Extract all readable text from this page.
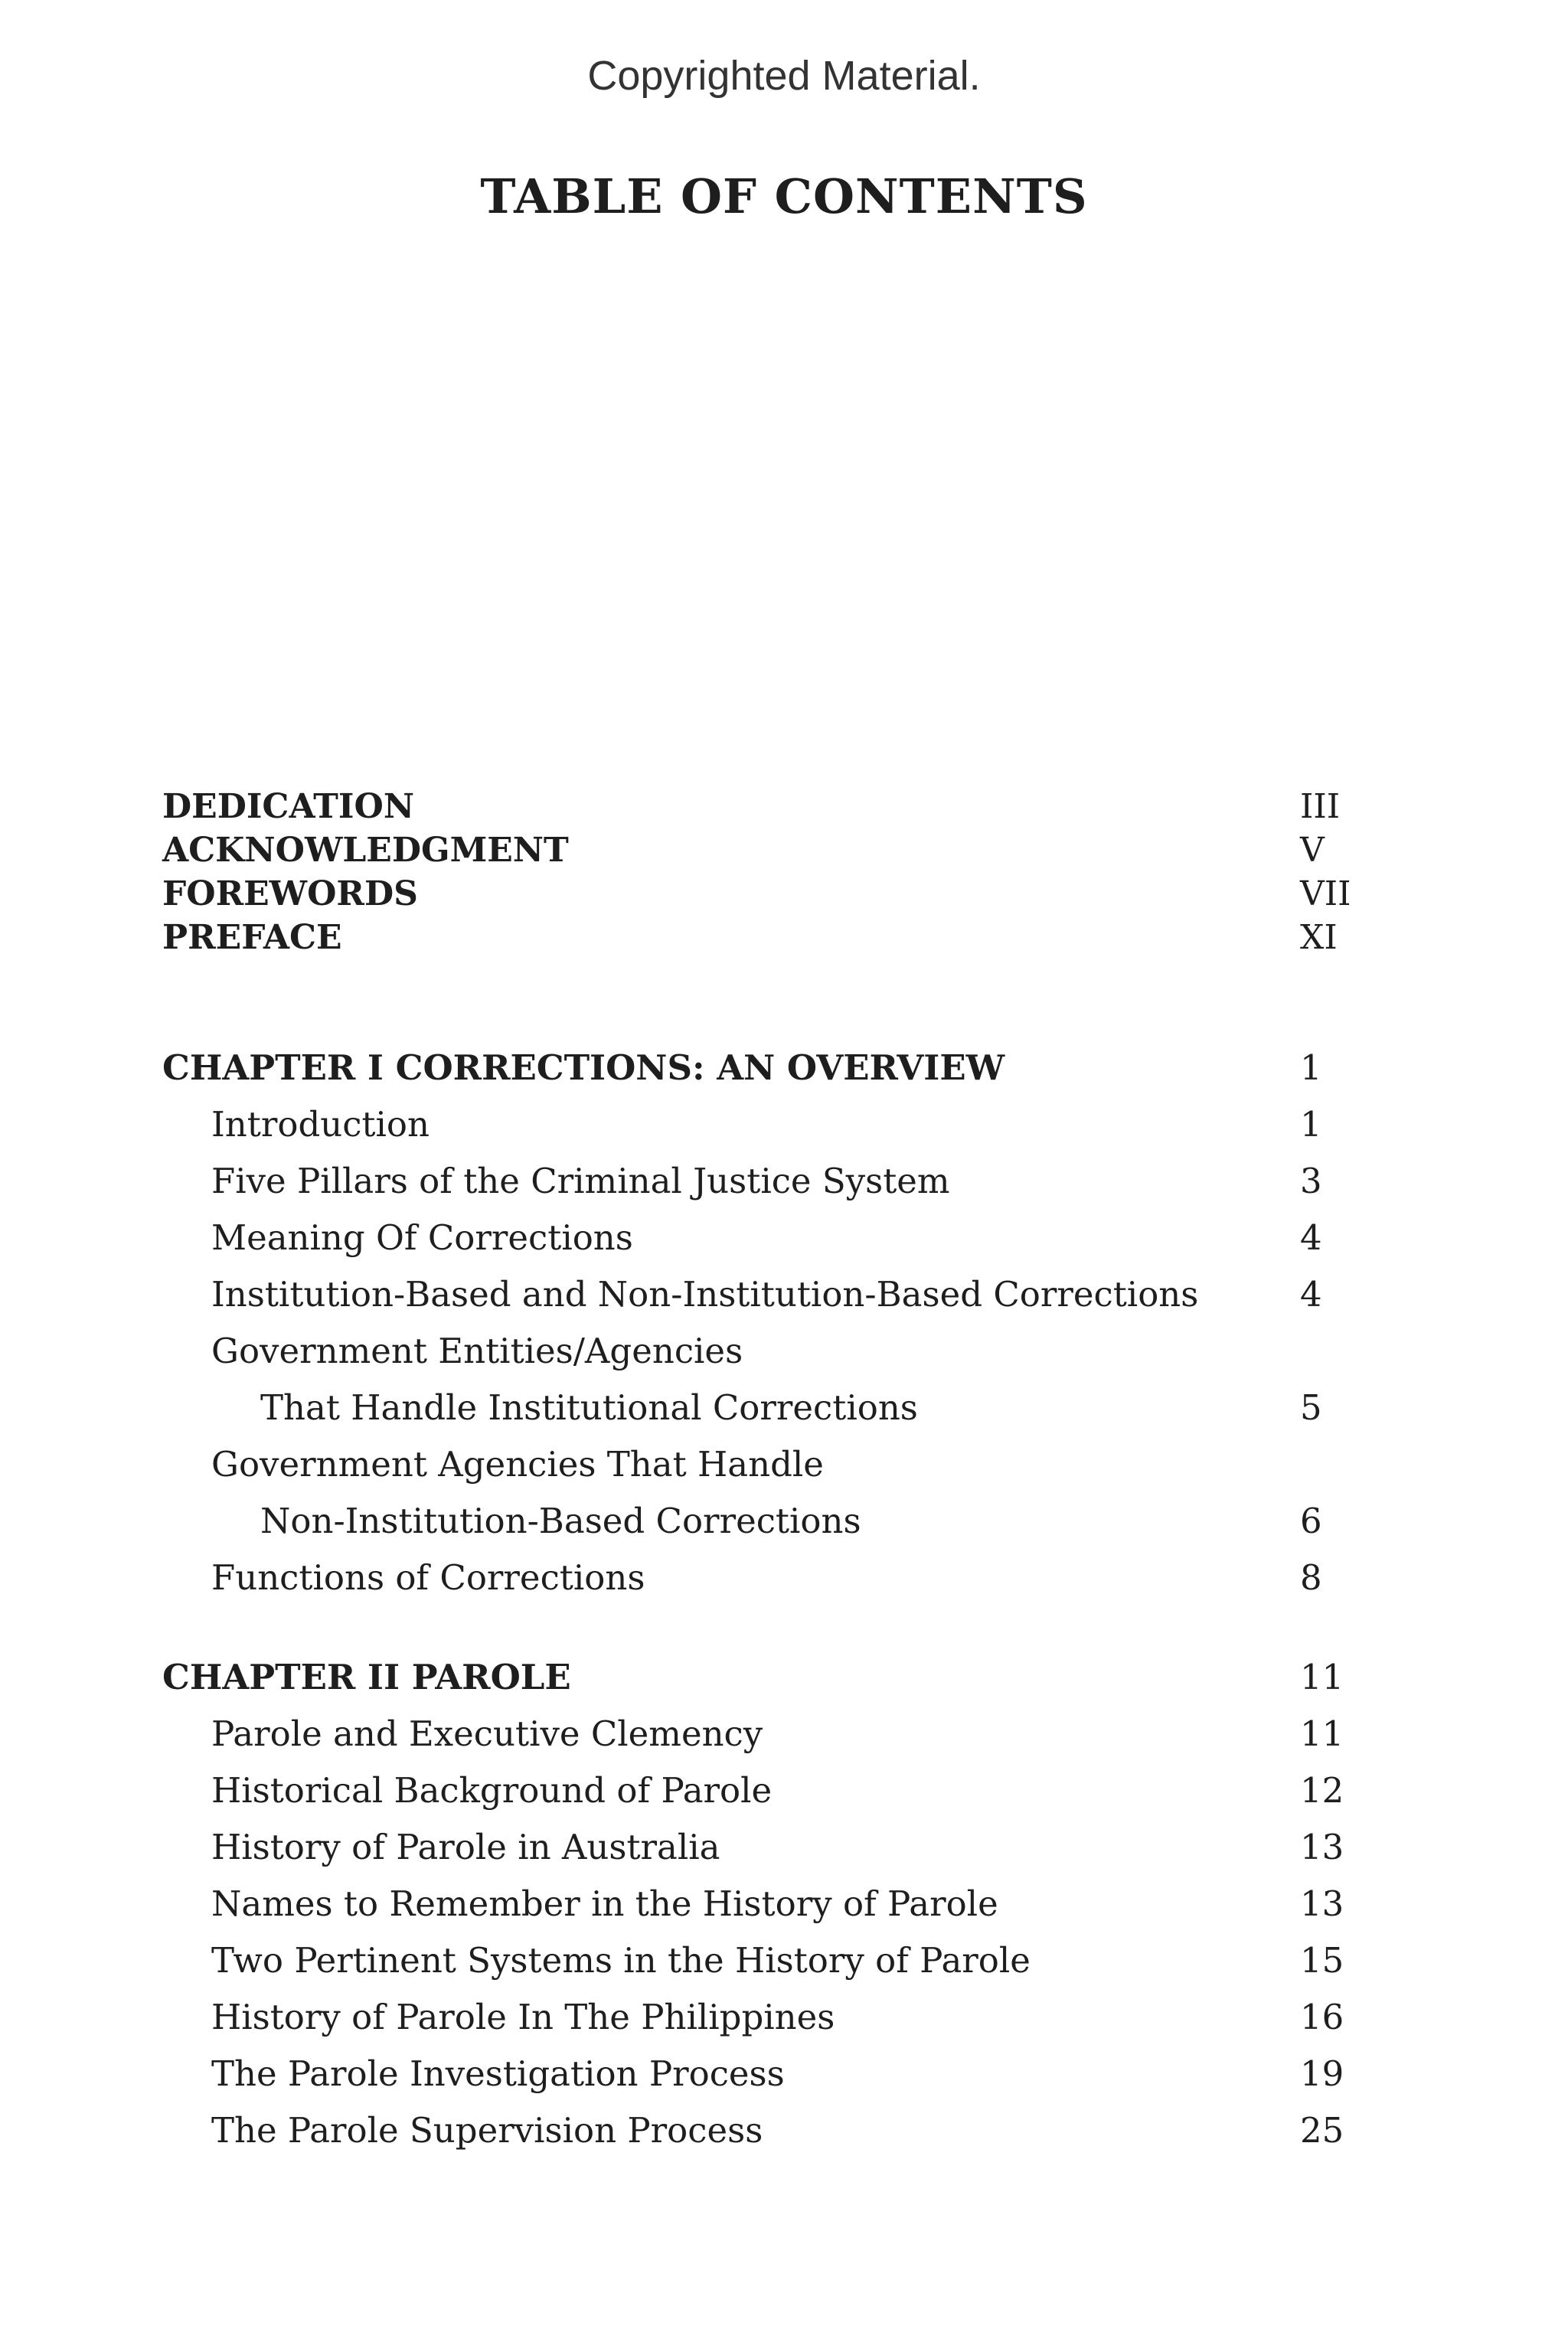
Copyrighted Material.
TABLE OF CONTENTS
DEDICATION	III
ACKNOWLEDGMENT	V
FOREWORDS	VII
PREFACE	XI
CHAPTER I CORRECTIONS: AN OVERVIEW	1
Introduction	1
Five Pillars of the Criminal Justice System	3
Meaning Of Corrections	4
Institution-Based and Non-Institution-Based Corrections	4
Government Entities/Agencies
That Handle Institutional Corrections	5
Government Agencies That Handle
Non-Institution-Based Corrections	6
Functions of Corrections	8
CHAPTER II PAROLE	11
Parole and Executive Clemency	11
Historical Background of Parole	12
History of Parole in Australia	13
Names to Remember in the History of Parole	13
Two Pertinent Systems in the History of Parole	15
History of Parole In The Philippines	16
The Parole Investigation Process	19
The Parole Supervision Process	25
